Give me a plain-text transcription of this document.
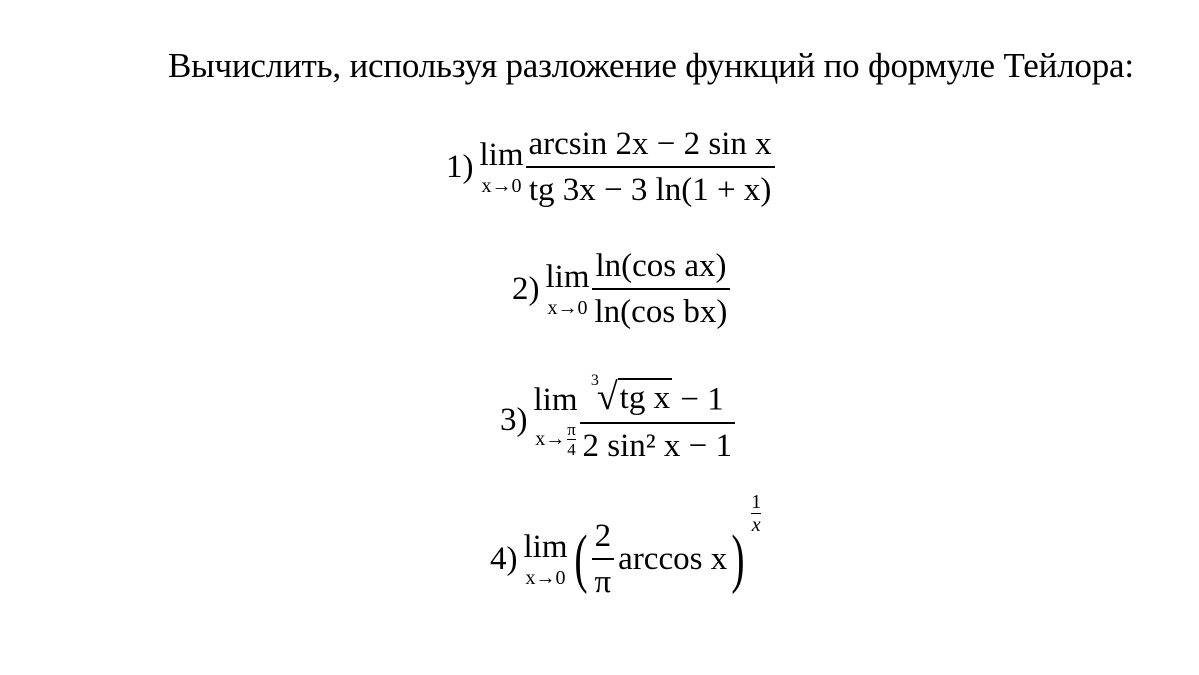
Вычислить, используя разложение функций по формуле Тейлора:
1) lim
$x\to 0 \frac{\text{arcsin 2x − 2 sin x}}{tg 3x - 3 \ln(1 + x)}$
2) lim
$x\to 0 \frac{\text{ln(cos ax)}}{\text{ln(cos bx)}}$
3)
lim
$x\to \frac{\pi}{4} 3$
√ tg x − 1
2 sin² x − 1
4) lim
x→0 ( $\frac{2}{\pi}$ arccos x )
$\frac{1}{x}$
